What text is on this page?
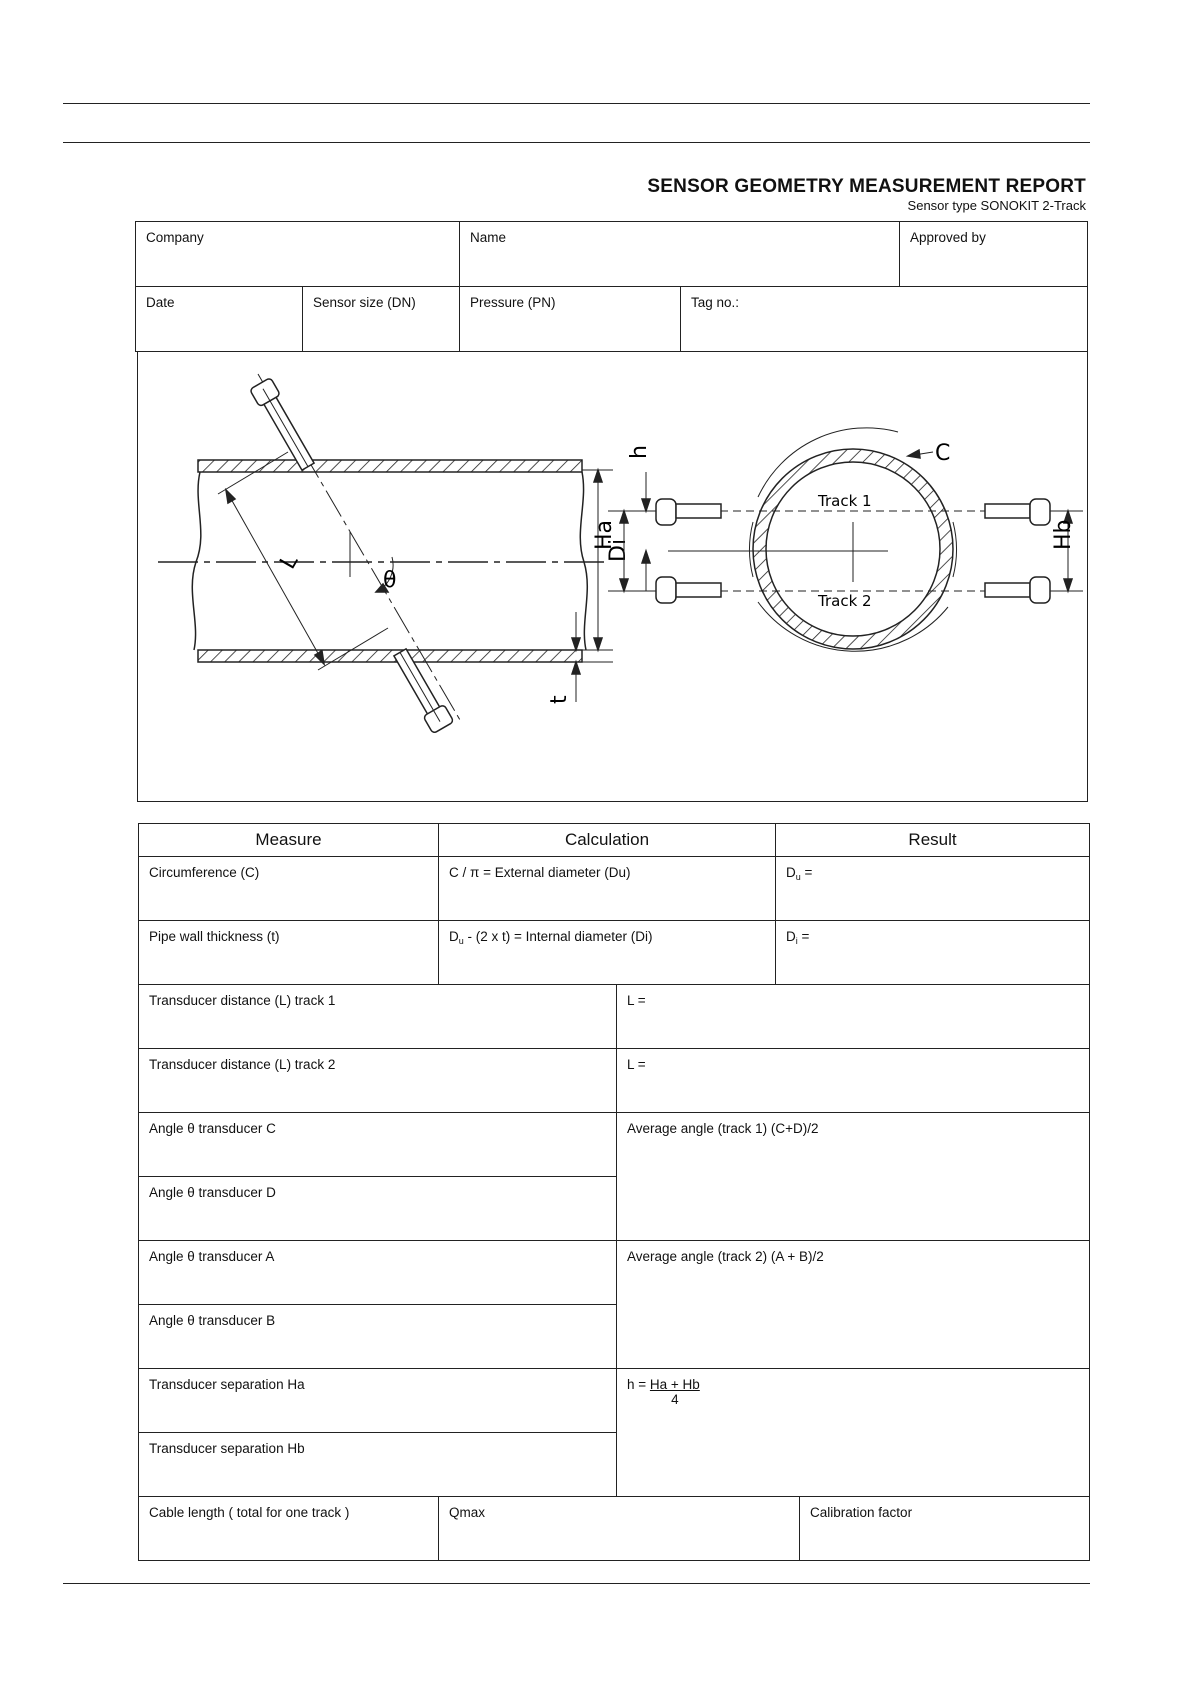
SENSOR GEOMETRY MEASUREMENT REPORT
Sensor type SONOKIT 2-Track
Company		Name		Approved by
Date	Sensor size (DN)	Pressure (PN)	Tag no.:	
L
θ
Di
t
h
Ha	Hb
C
Track 1
Track 2
Measure	Calculation		Result	
Circumference (C)	C / π = External diameter (Du)		$D_u$ =	
Pipe wall thickness (t)	$D_u - (2$ x t) = Internal diameter (Di)		$D_i$ =	
Transducer distance (L) track 1		L =		
Transducer distance (L) track 2		L =		
Angle θ transducer C		Average angle (track 1) (C+D)/2		
Angle θ transducer D				
Angle θ transducer A		Average angle (track 2) (A + B)/2		
Angle θ transducer B				
Transducer separation Ha		$h = \frac{Ha + Hb}{4}$

Transducer separation Hb				
Cable length ( total for one track )	Qmax			Calibration factor
